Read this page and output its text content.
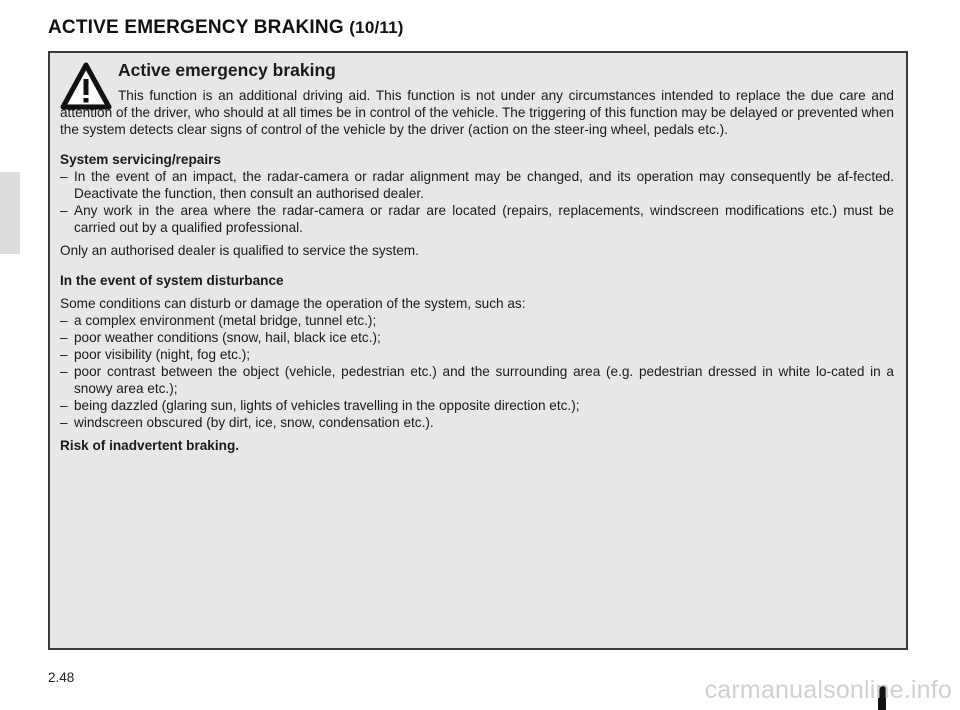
ACTIVE EMERGENCY BRAKING (10/11)
Active emergency braking

This function is an additional driving aid. This function is not under any circumstances intended to replace the due care and attention of the driver, who should at all times be in control of the vehicle. The triggering of this function may be delayed or prevented when the system detects clear signs of control of the vehicle by the driver (action on the steer-ing wheel, pedals etc.).

System servicing/repairs

– In the event of an impact, the radar-camera or radar alignment may be changed, and its operation may consequently be af-fected. Deactivate the function, then consult an authorised dealer.

– Any work in the area where the radar-camera or radar are located (repairs, replacements, windscreen modifications etc.) must be carried out by a qualified professional.

Only an authorised dealer is qualified to service the system.

In the event of system disturbance

Some conditions can disturb or damage the operation of the system, such as:

– a complex environment (metal bridge, tunnel etc.);

– poor weather conditions (snow, hail, black ice etc.);

– poor visibility (night, fog etc.);

– poor contrast between the object (vehicle, pedestrian etc.) and the surrounding area (e.g. pedestrian dressed in white lo-cated in a snowy area etc.);

– being dazzled (glaring sun, lights of vehicles travelling in the opposite direction etc.);

– windscreen obscured (by dirt, ice, snow, condensation etc.).

Risk of inadvertent braking.

2.48	carmanualsonline.info
